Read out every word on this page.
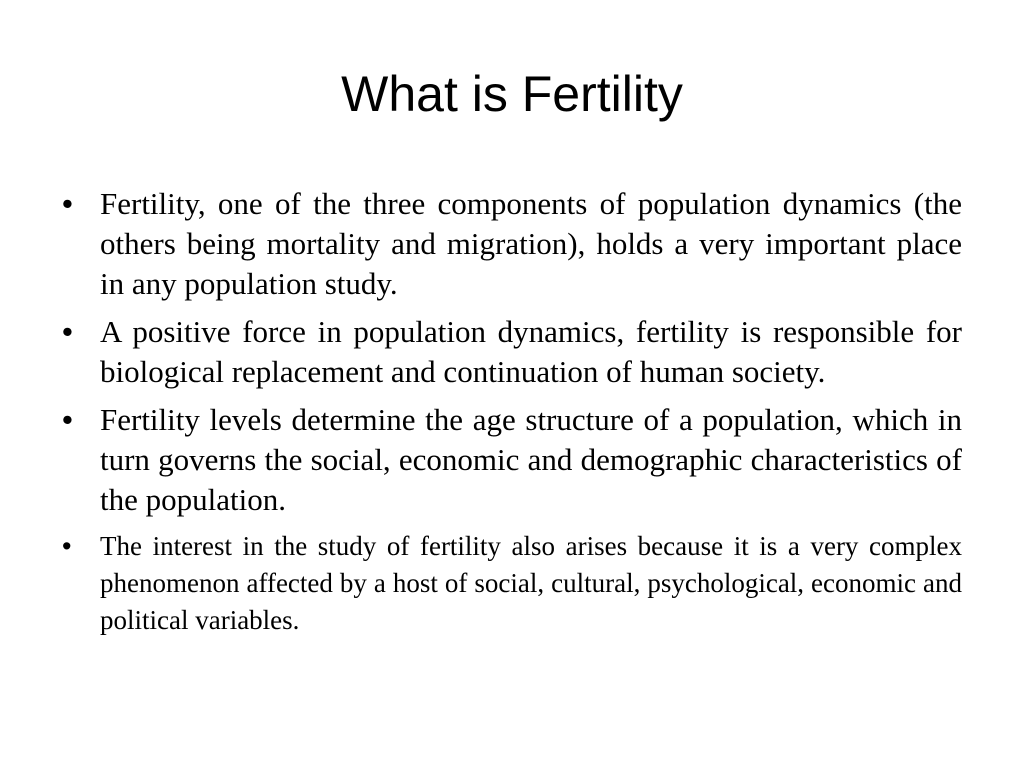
What is Fertility
• Fertility, one of the three components of population dynamics (the others being mortality and migration), holds a very important place in any population study.
• A positive force in population dynamics, fertility is responsible for biological replacement and continuation of human society.
• Fertility levels determine the age structure of a population, which in turn governs the social, economic and demographic characteristics of the population.
• The interest in the study of fertility also arises because it is a very complex phenomenon affected by a host of social, cultural, psychological, economic and political variables.
